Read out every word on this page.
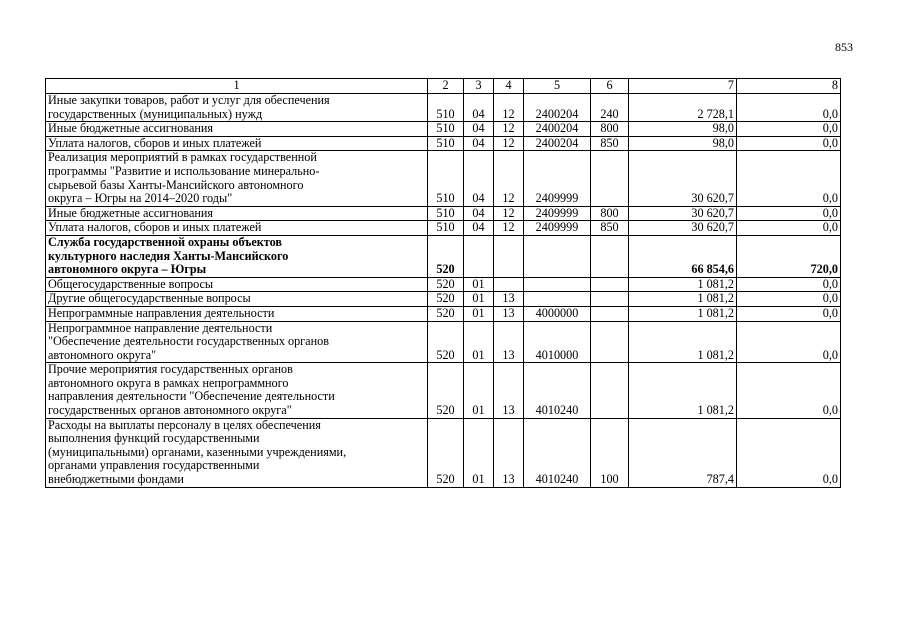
853
1	2	3	4	5	6	7	8

Иные закупки товаров, работ и услуг для обеспечения
государственных (муниципальных) нужд	510	04	12	2400204	240	2 728,1	0,0

Иные бюджетные ассигнования	510	04	12	2400204	800	98,0	0,0

Уплата налогов, сборов и иных платежей	510	04	12	2400204	850	98,0	0,0

Реализация мероприятий в рамках государственной
программы "Развитие и использование минерально-
сырьевой базы Ханты-Мансийского автономного
округа – Югры на 2014–2020 годы"	510	04	12	2409999		30 620,7	0,0

Иные бюджетные ассигнования	510	04	12	2409999	800	30 620,7	0,0

Уплата налогов, сборов и иных платежей	510	04	12	2409999	850	30 620,7	0,0

Служба государственной охраны объектов
культурного наследия Ханты-Мансийского
автономного округа – Югры	520					66 854,6	720,0

Общегосударственные вопросы	520	01				1 081,2	0,0

Другие общегосударственные вопросы	520	01	13			1 081,2	0,0

Непрограммные направления деятельности	520	01	13	4000000		1 081,2	0,0

Непрограммное направление деятельности
"Обеспечение деятельности государственных органов
автономного округа"	520	01	13	4010000		1 081,2	0,0

Прочие мероприятия государственных органов
автономного округа в рамках непрограммного
направления деятельности "Обеспечение деятельности
государственных органов автономного округа"	520	01	13	4010240		1 081,2	0,0

Расходы на выплаты персоналу в целях обеспечения
выполнения функций государственными
(муниципальными) органами, казенными учреждениями,
органами управления государственными
внебюджетными фондами	520	01	13	4010240	100	787,4	0,0
